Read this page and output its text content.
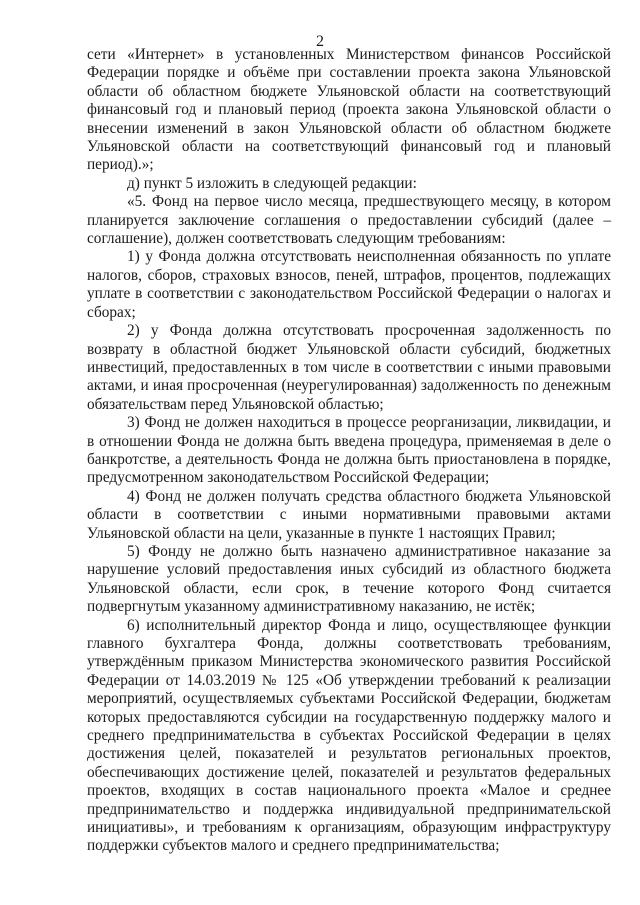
2

сети «Интернет» в установленных Министерством финансов Российской Федерации порядке и объёме при составлении проекта закона Ульяновской области об областном бюджете Ульяновской области на соответствующий финансовый год и плановый период (проекта закона Ульяновской области о внесении изменений в закон Ульяновской области об областном бюджете Ульяновской области на соответствующий финансовый год и плановый период).»;

д) пункт 5 изложить в следующей редакции:

«5. Фонд на первое число месяца, предшествующего месяцу, в котором планируется заключение соглашения о предоставлении субсидий (далее – соглашение), должен соответствовать следующим требованиям:

1) у Фонда должна отсутствовать неисполненная обязанность по уплате налогов, сборов, страховых взносов, пеней, штрафов, процентов, подлежащих уплате в соответствии с законодательством Российской Федерации о налогах и сборах;

2) у Фонда должна отсутствовать просроченная задолженность по возврату в областной бюджет Ульяновской области субсидий, бюджетных инвестиций, предоставленных в том числе в соответствии с иными правовыми актами, и иная просроченная (неурегулированная) задолженность по денежным обязательствам перед Ульяновской областью;

3) Фонд не должен находиться в процессе реорганизации, ликвидации, и в отношении Фонда не должна быть введена процедура, применяемая в деле о банкротстве, а деятельность Фонда не должна быть приостановлена в порядке, предусмотренном законодательством Российской Федерации;

4) Фонд не должен получать средства областного бюджета Ульяновской области в соответствии с иными нормативными правовыми актами Ульяновской области на цели, указанные в пункте 1 настоящих Правил;

5) Фонду не должно быть назначено административное наказание за нарушение условий предоставления иных субсидий из областного бюджета Ульяновской области, если срок, в течение которого Фонд считается подвергнутым указанному административному наказанию, не истёк;

6) исполнительный директор Фонда и лицо, осуществляющее функции главного бухгалтера Фонда, должны соответствовать требованиям, утверждённым приказом Министерства экономического развития Российской Федерации от 14.03.2019 № 125 «Об утверждении требований к реализации мероприятий, осуществляемых субъектами Российской Федерации, бюджетам которых предоставляются субсидии на государственную поддержку малого и среднего предпринимательства в субъектах Российской Федерации в целях достижения целей, показателей и результатов региональных проектов, обеспечивающих достижение целей, показателей и результатов федеральных проектов, входящих в состав национального проекта «Малое и среднее предпринимательство и поддержка индивидуальной предпринимательской инициативы», и требованиям к организациям, образующим инфраструктуру поддержки субъектов малого и среднего предпринимательства;
